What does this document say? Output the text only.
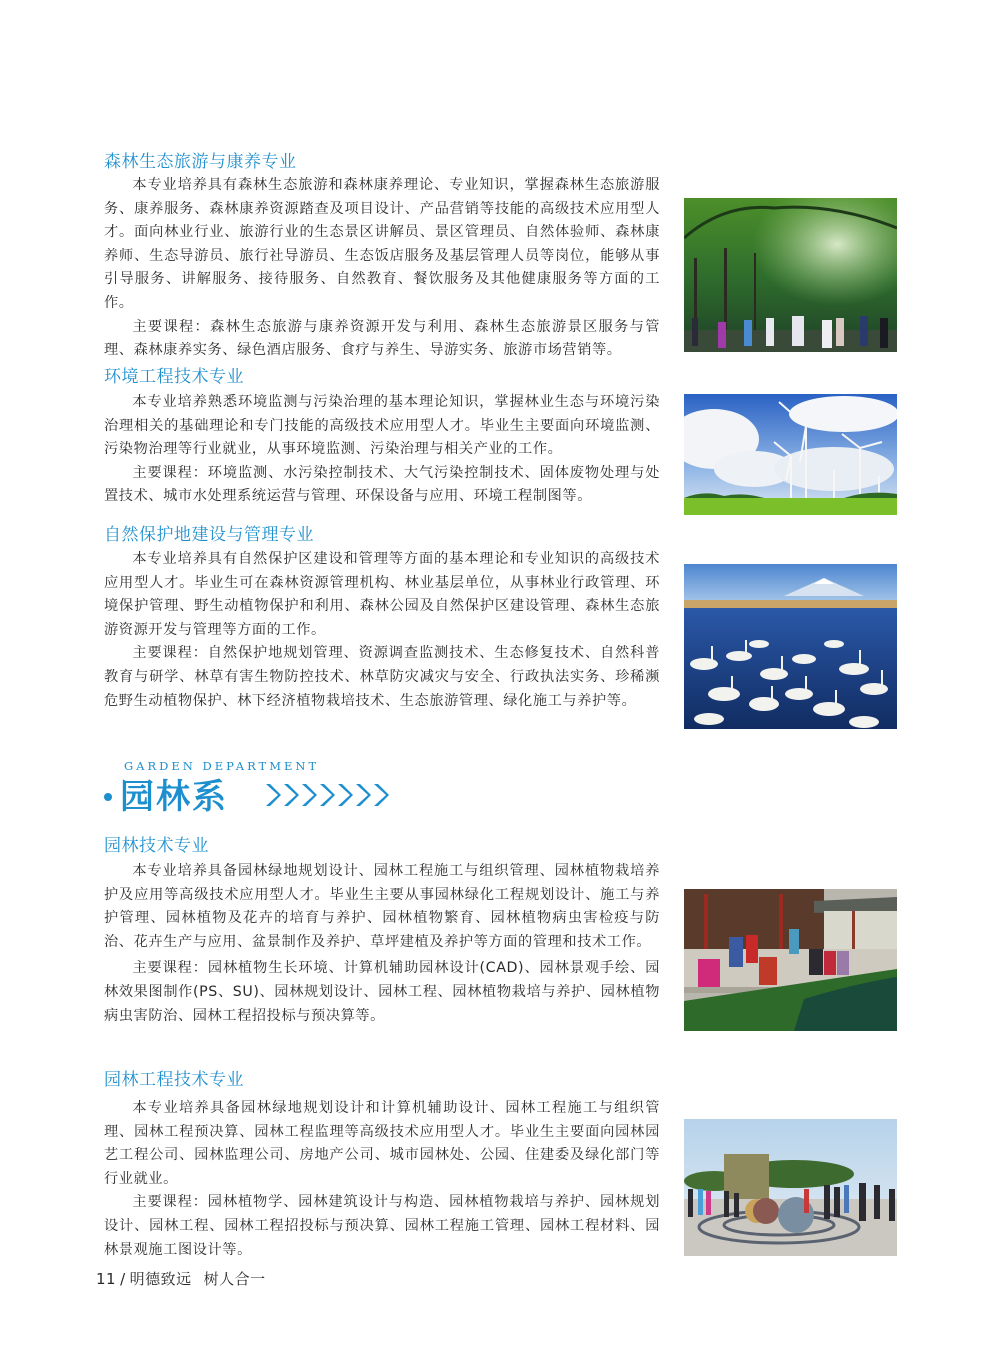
森林生态旅游与康养专业

本专业培养具有森林生态旅游和森林康养理论、专业知识，掌握森林生态旅游服务、康养服务、森林康养资源踏查及项目设计、产品营销等技能的高级技术应用型人才。面向林业行业、旅游行业的生态景区讲解员、景区管理员、自然体验师、森林康养师、生态导游员、旅行社导游员、生态饭店服务及基层管理人员等岗位，能够从事引导服务、讲解服务、接待服务、自然教育、餐饮服务及其他健康服务等方面的工作。

主要课程：森林生态旅游与康养资源开发与利用、森林生态旅游景区服务与管理、森林康养实务、绿色酒店服务、食疗与养生、导游实务、旅游市场营销等。

环境工程技术专业

本专业培养熟悉环境监测与污染治理的基本理论知识，掌握林业生态与环境污染治理相关的基础理论和专门技能的高级技术应用型人才。毕业生主要面向环境监测、污染物治理等行业就业，从事环境监测、污染治理与相关产业的工作。

主要课程：环境监测、水污染控制技术、大气污染控制技术、固体废物处理与处置技术、城市水处理系统运营与管理、环保设备与应用、环境工程制图等。

自然保护地建设与管理专业

本专业培养具有自然保护区建设和管理等方面的基本理论和专业知识的高级技术应用型人才。毕业生可在森林资源管理机构、林业基层单位，从事林业行政管理、环境保护管理、野生动植物保护和利用、森林公园及自然保护区建设管理、森林生态旅游资源开发与管理等方面的工作。

主要课程：自然保护地规划管理、资源调查监测技术、生态修复技术、自然科普教育与研学、林草有害生物防控技术、林草防灾减灾与安全、行政执法实务、珍稀濒危野生动植物保护、林下经济植物栽培技术、生态旅游管理、绿化施工与养护等。

GARDEN DEPARTMENT
园林系
园林技术专业

本专业培养具备园林绿地规划设计、园林工程施工与组织管理、园林植物栽培养护及应用等高级技术应用型人才。毕业生主要从事园林绿化工程规划设计、施工与养护管理、园林植物及花卉的培育与养护、园林植物繁育、园林植物病虫害检疫与防治、花卉生产与应用、盆景制作及养护、草坪建植及养护等方面的管理和技术工作。

主要课程：园林植物生长环境、计算机辅助园林设计(CAD)、园林景观手绘、园林效果图制作(PS、SU)、园林规划设计、园林工程、园林植物栽培与养护、园林植物病虫害防治、园林工程招投标与预决算等。

园林工程技术专业

本专业培养具备园林绿地规划设计和计算机辅助设计、园林工程施工与组织管理、园林工程预决算、园林工程监理等高级技术应用型人才。毕业生主要面向园林园艺工程公司、园林监理公司、房地产公司、城市园林处、公园、住建委及绿化部门等行业就业。

主要课程：园林植物学、园林建筑设计与构造、园林植物栽培与养护、园林规划设计、园林工程、园林工程招投标与预决算、园林工程施工管理、园林工程材料、园林景观施工图设计等。

11 / 明德致远 树人合一
